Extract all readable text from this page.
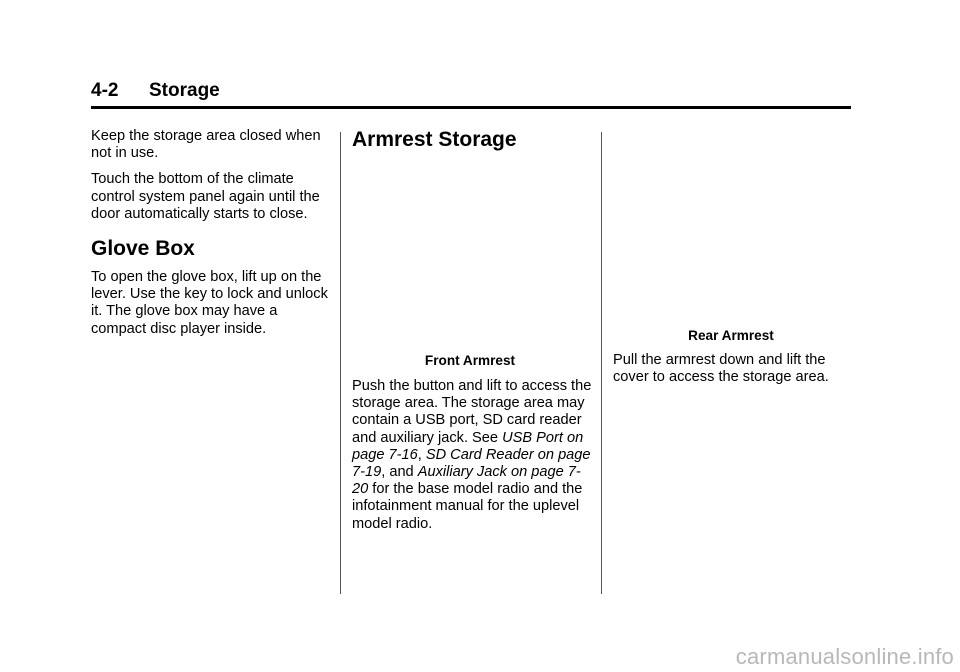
4-2 Storage

Keep the storage area closed when not in use.

Touch the bottom of the climate control system panel again until the door automatically starts to close.

Glove Box

To open the glove box, lift up on the lever. Use the key to lock and unlock it. The glove box may have a compact disc player inside.

Armrest Storage
Front Armrest

Push the button and lift to access the storage area. The storage area may contain a USB port, SD card reader and auxiliary jack. See USB Port on page 7-16, SD Card Reader on page 7-19, and Auxiliary Jack on page 7-20 for the base model radio and the infotainment manual for the uplevel model radio.

Rear Armrest

Pull the armrest down and lift the cover to access the storage area.

carmanualsonline.info
